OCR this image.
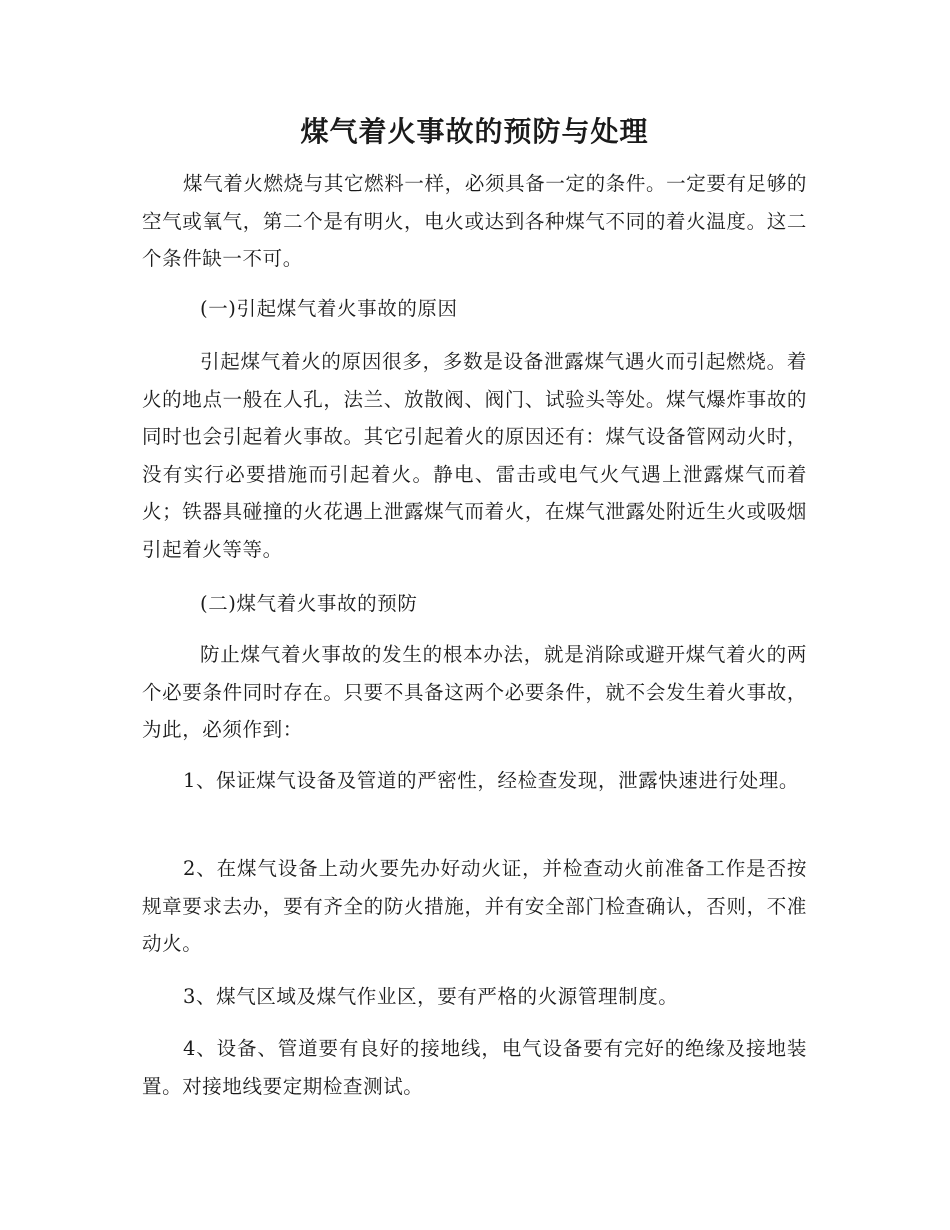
煤气着火事故的预防与处理

煤气着火燃烧与其它燃料一样，必须具备一定的条件。一定要有足够的空气或氧气，第二个是有明火，电火或达到各种煤气不同的着火温度。这二个条件缺一不可。

(一)引起煤气着火事故的原因

引起煤气着火的原因很多，多数是设备泄露煤气遇火而引起燃烧。着火的地点一般在人孔，法兰、放散阀、阀门、试验头等处。煤气爆炸事故的同时也会引起着火事故。其它引起着火的原因还有：煤气设备管网动火时，没有实行必要措施而引起着火。静电、雷击或电气火气遇上泄露煤气而着火；铁器具碰撞的火花遇上泄露煤气而着火，在煤气泄露处附近生火或吸烟引起着火等等。

(二)煤气着火事故的预防

防止煤气着火事故的发生的根本办法，就是消除或避开煤气着火的两个必要条件同时存在。只要不具备这两个必要条件，就不会发生着火事故，为此，必须作到：

1、保证煤气设备及管道的严密性，经检查发现，泄露快速进行处理。

2、在煤气设备上动火要先办好动火证，并检查动火前准备工作是否按规章要求去办，要有齐全的防火措施，并有安全部门检查确认，否则，不准动火。

3、煤气区域及煤气作业区，要有严格的火源管理制度。

4、设备、管道要有良好的接地线，电气设备要有完好的绝缘及接地装置。对接地线要定期检查测试。
